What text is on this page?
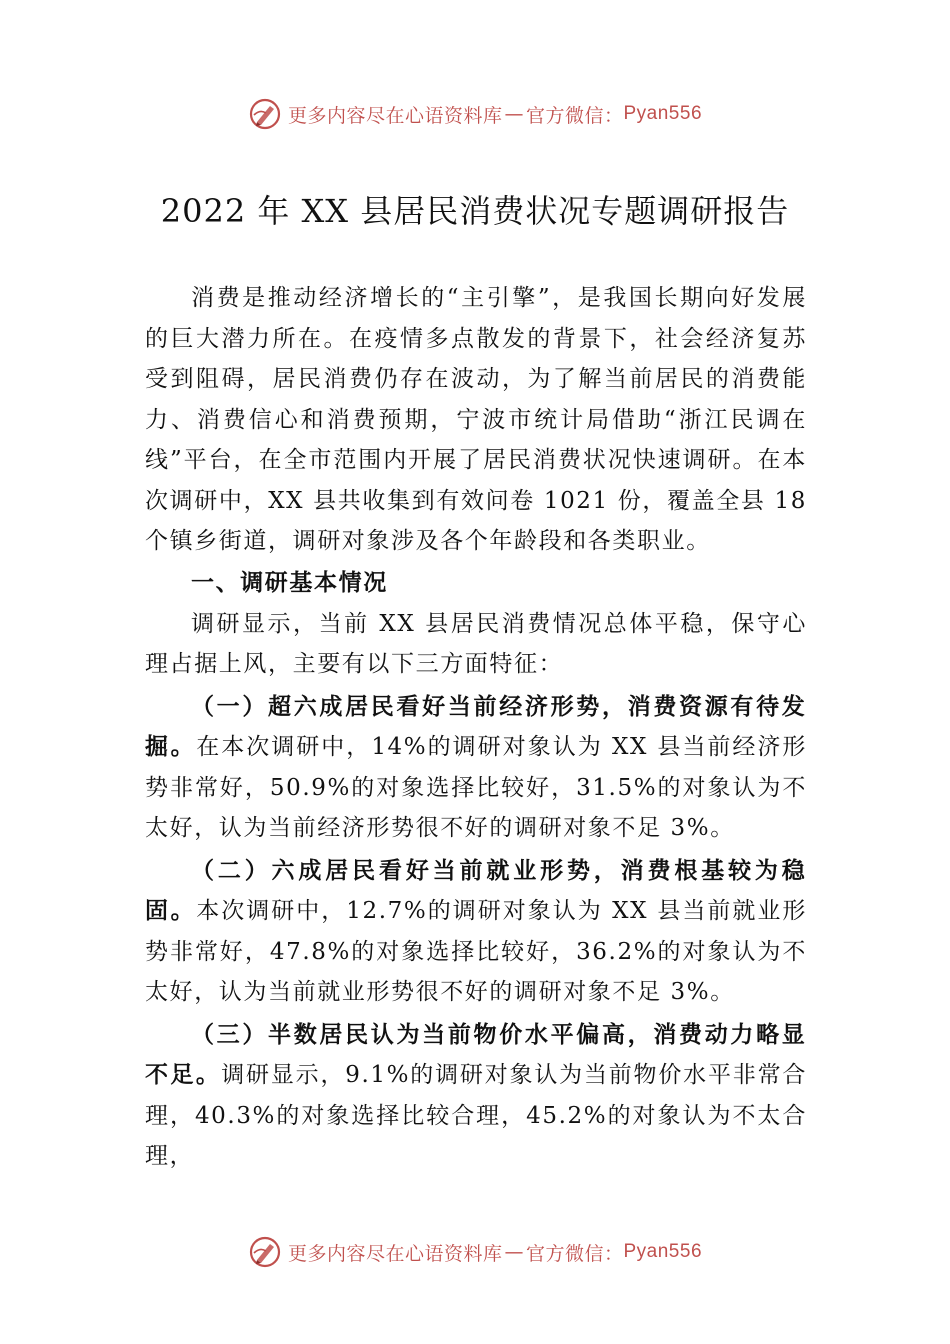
更多内容尽在心语资料库 — 官方微信： Pyan556
2022 年 XX 县居民消费状况专题调研报告

消费是推动经济增长的“主引擎”，是我国长期向好发展的巨大潜力所在。在疫情多点散发的背景下，社会经济复苏受到阻碍，居民消费仍存在波动，为了解当前居民的消费能力、消费信心和消费预期，宁波市统计局借助“浙江民调在线”平台，在全市范围内开展了居民消费状况快速调研。在本次调研中，XX 县共收集到有效问卷 1021 份，覆盖全县 18 个镇乡街道，调研对象涉及各个年龄段和各类职业。

一、调研基本情况

调研显示，当前 XX 县居民消费情况总体平稳，保守心理占据上风，主要有以下三方面特征：

（一）超六成居民看好当前经济形势，消费资源有待发掘。在本次调研中，14%的调研对象认为 XX 县当前经济形势非常好，50.9%的对象选择比较好，31.5%的对象认为不太好，认为当前经济形势很不好的调研对象不足 3%。

（二）六成居民看好当前就业形势，消费根基较为稳固。本次调研中，12.7%的调研对象认为 XX 县当前就业形势非常好，47.8%的对象选择比较好，36.2%的对象认为不太好，认为当前就业形势很不好的调研对象不足 3%。

（三）半数居民认为当前物价水平偏高，消费动力略显不足。调研显示，9.1%的调研对象认为当前物价水平非常合理，40.3%的对象选择比较合理，45.2%的对象认为不太合理，

更多内容尽在心语资料库 — 官方微信： Pyan556
